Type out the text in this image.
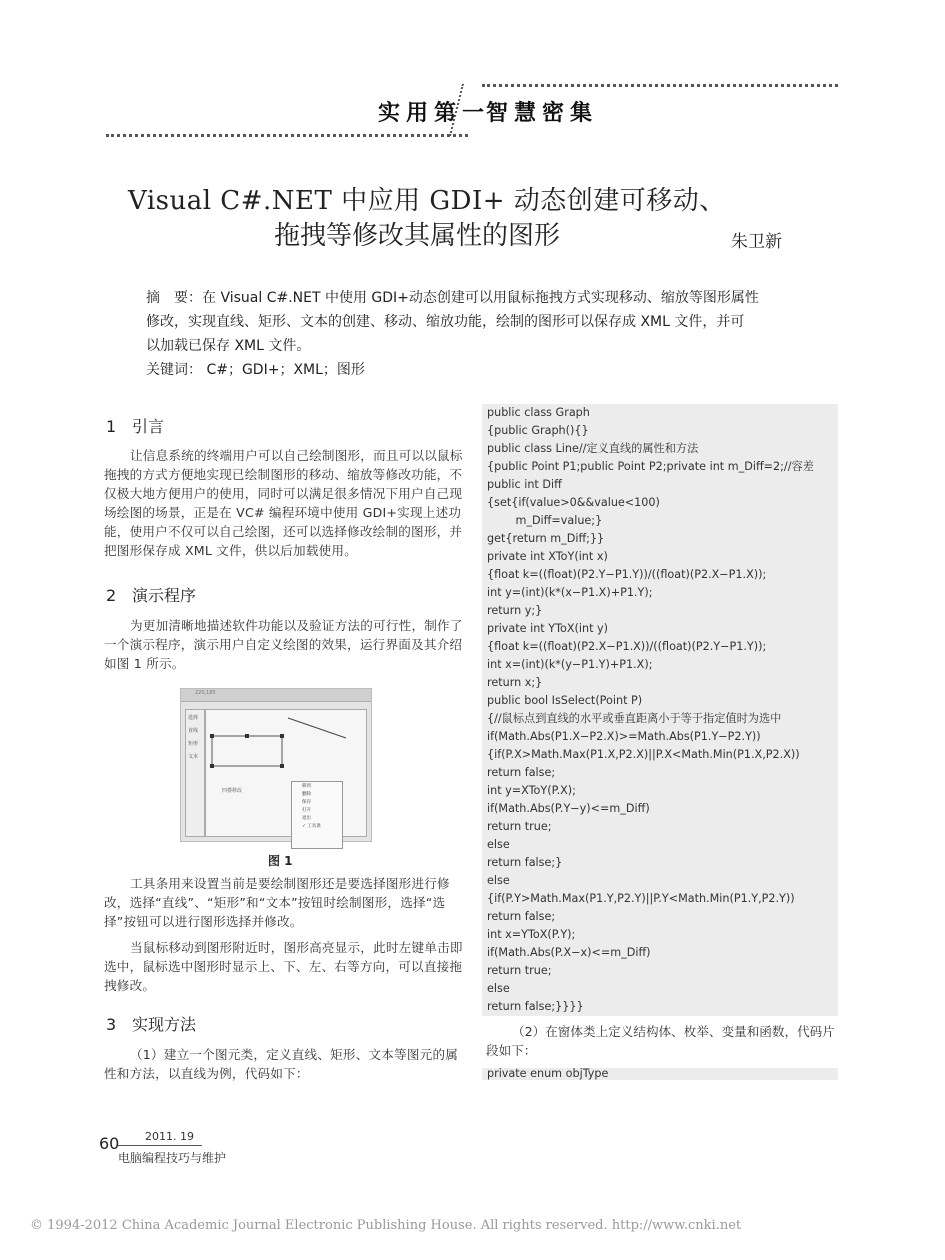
实用第一
智慧密集
Visual C#.NET 中应用 GDI+ 动态创建可移动、
拖拽等修改其属性的图形	朱卫新

摘　要：在 Visual C#.NET 中使用 GDI+动态创建可以用鼠标拖拽方式实现移动、缩放等图形属性

修改，实现直线、矩形、文本的创建、移动、缩放功能，绘制的图形可以保存成 XML 文件，并可

以加载已保存 XML 文件。

关键词： C#；GDI+；XML；图形

1 引言

让信息系统的终端用户可以自己绘制图形，而且可以以鼠标拖拽的方式方便地实现已绘制图形的移动、缩放等修改功能，不仅极大地方便用户的使用，同时可以满足很多情况下用户自己现场绘图的场景，正是在 VC# 编程环境中使用 GDI+实现上述功能，使用户不仅可以自己绘图，还可以选择修改绘制的图形，并把图形保存成 XML 文件，供以后加载使用。

2 演示程序

为更加清晰地描述软件功能以及验证方法的可行性，制作了一个演示程序，演示用户自定义绘图的效果，运行界面及其介绍如图 1 所示。

220,185
选择
直线
矩形
文本
四叠移改
移到
删除
保存
打开
退出
✓ 工具条
图 1

工具条用来设置当前是要绘制图形还是要选择图形进行修改，选择“直线”、“矩形”和“文本”按钮时绘制图形，选择“选择”按钮可以进行图形选择并修改。

当鼠标移动到图形附近时，图形高亮显示，此时左键单击即选中，鼠标选中图形时显示上、下、左、右等方向，可以直接拖拽修改。

3 实现方法

（1）建立一个图元类，定义直线、矩形、文本等图元的属性和方法，以直线为例，代码如下：

public class Graph
{public Graph(){}
public class Line//定义直线的属性和方法
{public Point P1;public Point P2;private int m_Diff=2;//容差
public int Diff
{set{if(value>0&&value<100)
m_Diff=value;}
get{return m_Diff;}}
private int XToY(int x)
{float k=((float)(P2.Y−P1.Y))/((float)(P2.X−P1.X));
int y=(int)(k*(x−P1.X)+P1.Y);
return y;}
private int YToX(int y)
{float k=((float)(P2.X−P1.X))/((float)(P2.Y−P1.Y));
int x=(int)(k*(y−P1.Y)+P1.X);
return x;}
public bool IsSelect(Point P)
{//鼠标点到直线的水平或垂直距离小于等于指定值时为选中
if(Math.Abs(P1.X−P2.X)>=Math.Abs(P1.Y−P2.Y))
{if(P.X>Math.Max(P1.X,P2.X)||P.X<Math.Min(P1.X,P2.X))
return false;
int y=XToY(P.X);
if(Math.Abs(P.Y−y)<=m_Diff)
return true;
else
return false;}
else
{if(P.Y>Math.Max(P1.Y,P2.Y)||P.Y<Math.Min(P1.Y,P2.Y))
return false;
int x=YToX(P.Y);
if(Math.Abs(P.X−x)<=m_Diff)
return true;
else
return false;}}}}

（2）在窗体类上定义结构体、枚举、变量和函数，代码片段如下：

private enum objType
60 2011. 19
电脑编程技巧与维护
© 1994-2012 China Academic Journal Electronic Publishing House. All rights reserved. http://www.cnki.net
